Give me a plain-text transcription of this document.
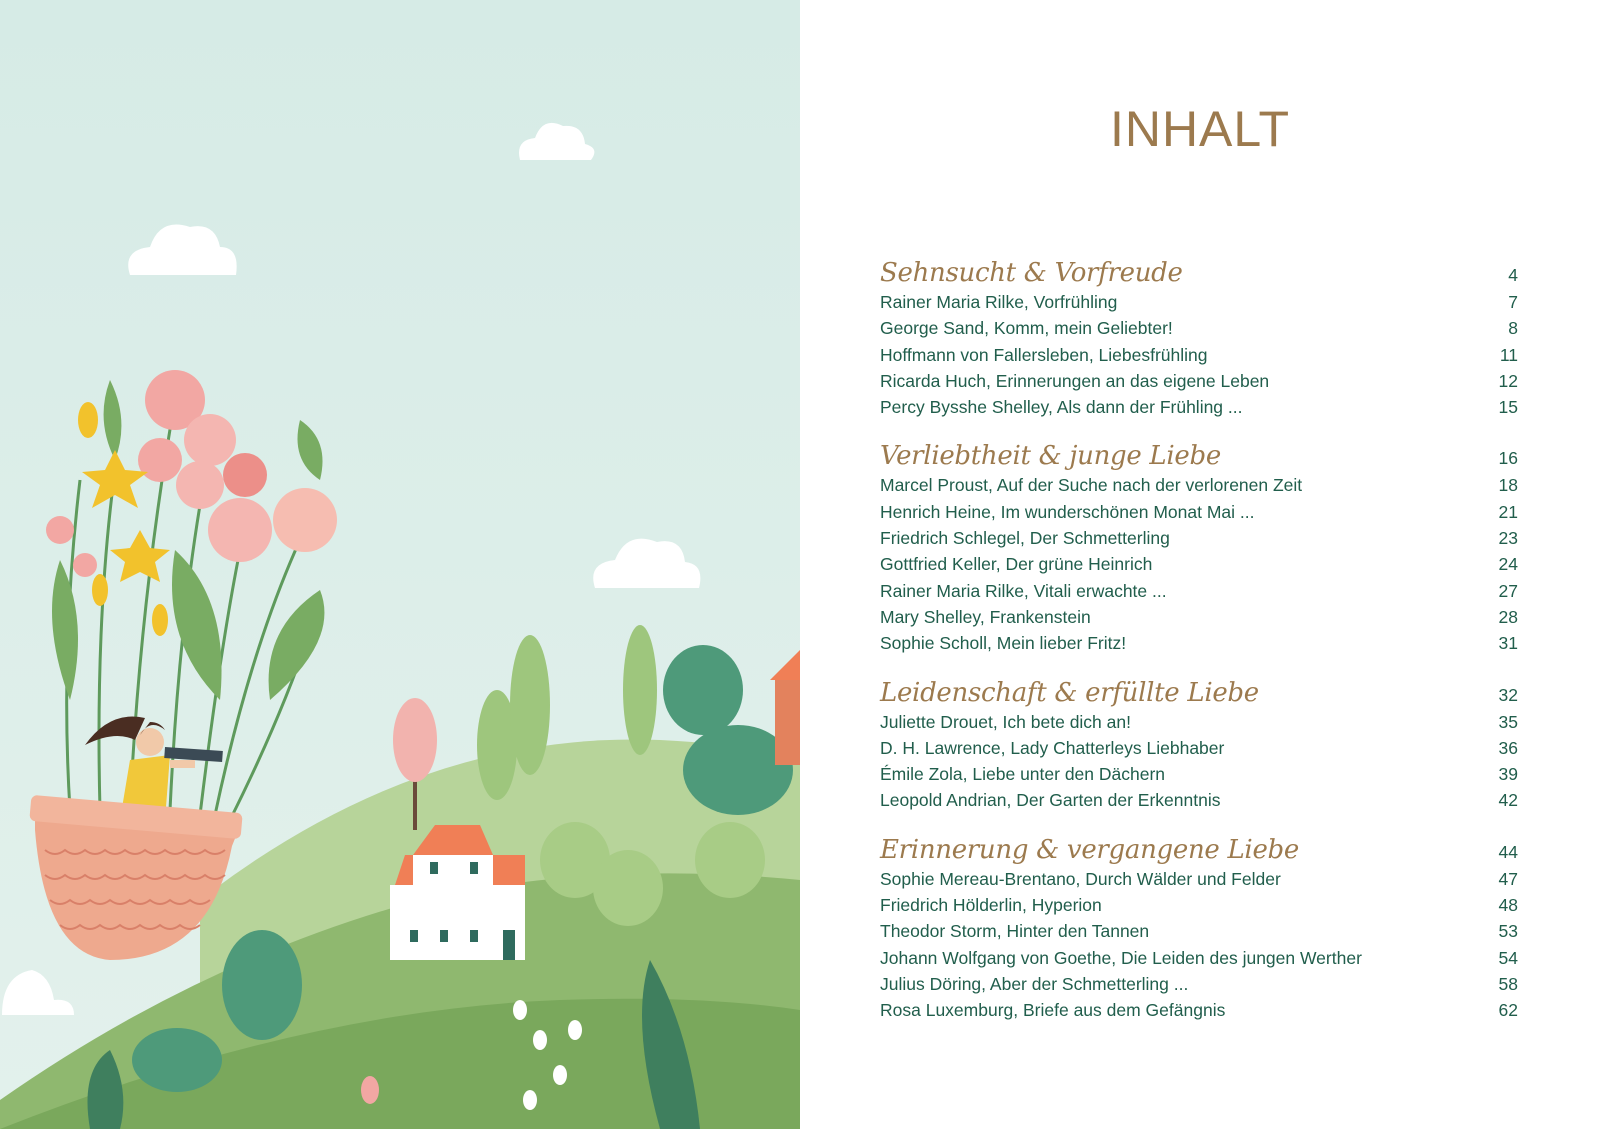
INHALT
Sehnsucht & Vorfreude	4
Rainer Maria Rilke, Vorfrühling	7
George Sand, Komm, mein Geliebter!	8
Hoffmann von Fallersleben, Liebesfrühling	11
Ricarda Huch, Erinnerungen an das eigene Leben	12
Percy Bysshe Shelley, Als dann der Frühling ...	15
Verliebtheit & junge Liebe	16
Marcel Proust, Auf der Suche nach der verlorenen Zeit	18
Henrich Heine, Im wunderschönen Monat Mai ...	21
Friedrich Schlegel, Der Schmetterling	23
Gottfried Keller, Der grüne Heinrich	24
Rainer Maria Rilke, Vitali erwachte ...	27
Mary Shelley, Frankenstein	28
Sophie Scholl, Mein lieber Fritz!	31
Leidenschaft & erfüllte Liebe	32
Juliette Drouet, Ich bete dich an!	35
D. H. Lawrence, Lady Chatterleys Liebhaber	36
Émile Zola, Liebe unter den Dächern	39
Leopold Andrian, Der Garten der Erkenntnis	42
Erinnerung & vergangene Liebe	44
Sophie Mereau-Brentano, Durch Wälder und Felder	47
Friedrich Hölderlin, Hyperion	48
Theodor Storm, Hinter den Tannen	53
Johann Wolfgang von Goethe, Die Leiden des jungen Werther	54
Julius Döring, Aber der Schmetterling ...	58
Rosa Luxemburg, Briefe aus dem Gefängnis	62
